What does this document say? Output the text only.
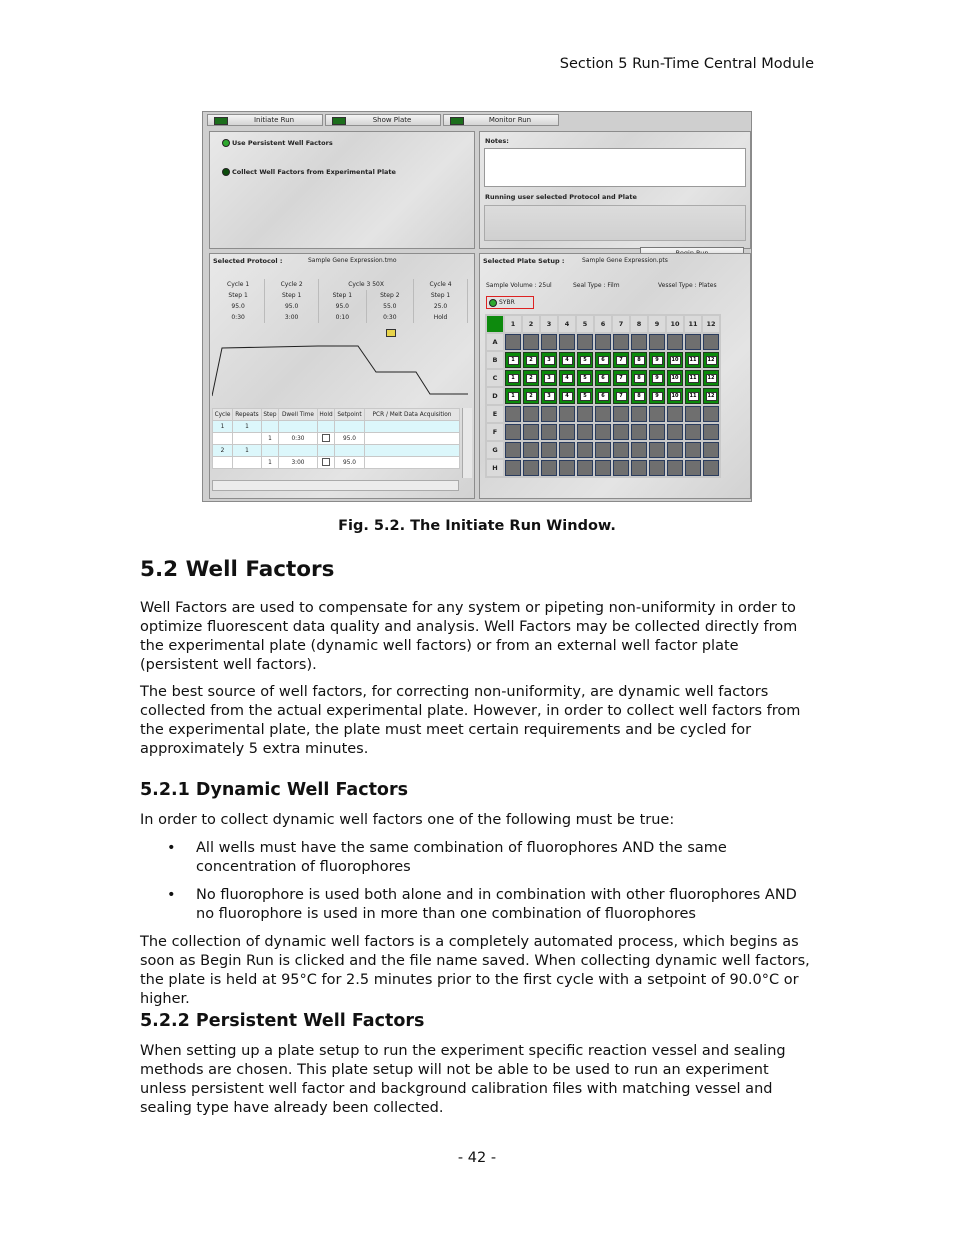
Section 5 Run-Time Central Module
Initiate Run	Show Plate	Monitor Run
Use Persistent Well Factors
Collect Well Factors from Experimental Plate
Notes:
Running user selected Protocol and Plate
Selected Protocol :	Sample Gene Expression.tmo
Cycle 1	Cycle 2	Cycle 3 50X		Cycle 4
Step 1	Step 1	Step 1	Step 2	Step 1
95.0	95.0	95.0	55.0	25.0
0:30	3:00	0:10	0:30	Hold
Cycle	Repeats	Step	Dwell Time	Hold	Setpoint	PCR / Melt Data Acquisition
1	1					
		1	0:30		95.0	
2	1					
		1	3:00		95.0	
Selected Plate Setup :	Sample Gene Expression.pts
Sample Volume : 25ul	Seal Type : Film	Vessel Type : Plates
SYBR
	1	2	3	4	5	6	7	8	9	10	11	12
A												
B	1	2	3	4	5	6	7	8	9	10	11	12
C	1	2	3	4	5	6	7	8	9	10	11	12
D	1	2	3	4	5	6	7	8	9	10	11	12
E												
F												
G												
H												
Fig. 5.2. The Initiate Run Window.
5.2 Well Factors

Well Factors are used to compensate for any system or pipeting non-uniformity in order to optimize fluorescent data quality and analysis. Well Factors may be collected directly from the experimental plate (dynamic well factors) or from an external well factor plate (persistent well factors).

The best source of well factors, for correcting non-uniformity, are dynamic well factors collected from the actual experimental plate. However, in order to collect well factors from the experimental plate, the plate must meet certain requirements and be cycled for approximately 5 extra minutes.

5.2.1 Dynamic Well Factors

In order to collect dynamic well factors one of the following must be true:

• All wells must have the same combination of fluorophores AND the same concentration of fluorophores
• No fluorophore is used both alone and in combination with other fluorophores AND no fluorophore is used in more than one combination of fluorophores

The collection of dynamic well factors is a completely automated process, which begins as soon as Begin Run is clicked and the file name saved. When collecting dynamic well factors, the plate is held at 95°C for 2.5 minutes prior to the first cycle with a setpoint of 90.0°C or higher.

5.2.2 Persistent Well Factors

When setting up a plate setup to run the experiment specific reaction vessel and sealing methods are chosen. This plate setup will not be able to be used to run an experiment unless persistent well factor and background calibration files with matching vessel and sealing type have already been collected.

- 42 -
